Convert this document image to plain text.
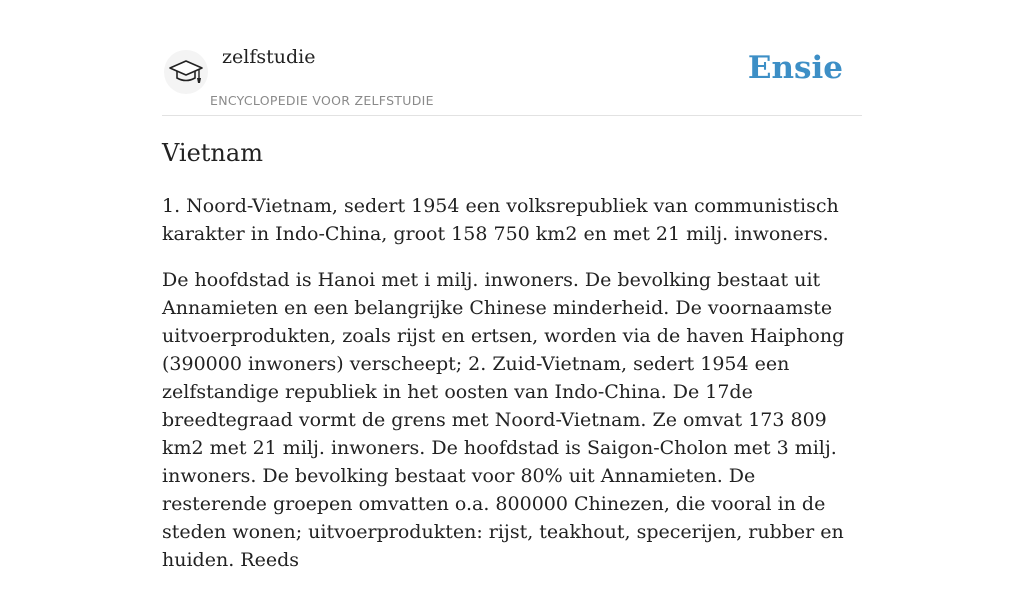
zelfstudie
ENCYCLOPEDIE VOOR ZELFSTUDIE
Ensie
Vietnam

1. Noord-Vietnam, sedert 1954 een volksrepubliek van communistisch karakter in Indo-China, groot 158 750 km2 en met 21 milj. inwoners.

De hoofdstad is Hanoi met i milj. inwoners. De bevolking bestaat uit Annamieten en een belangrijke Chinese minderheid. De voornaamste uitvoerprodukten, zoals rijst en ertsen, worden via de haven Haiphong (390000 inwoners) verscheept; 2. Zuid-Vietnam, sedert 1954 een zelfstandige republiek in het oosten van Indo-China. De 17de breedtegraad vormt de grens met Noord-Vietnam. Ze omvat 173 809 km2 met 21 milj. inwoners. De hoofdstad is Saigon-Cholon met 3 milj. inwoners. De bevolking bestaat voor 80% uit Annamieten. De resterende groepen omvatten o.a. 800000 Chinezen, die vooral in de steden wonen; uitvoerprodukten: rijst, teakhout, specerijen, rubber en huiden. Reeds
